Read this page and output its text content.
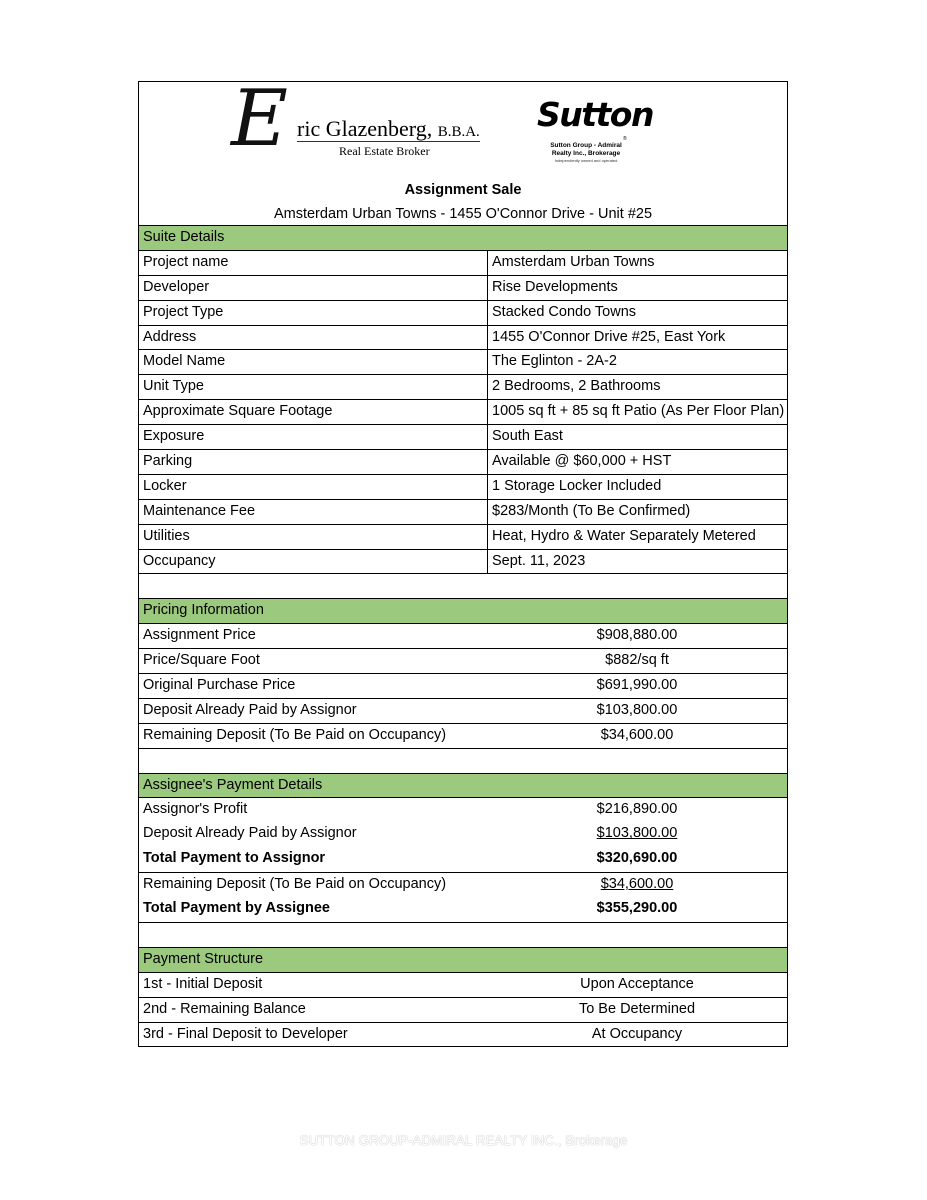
E ric Glazenberg, B.B.A.
Real Estate Broker
Sutton
®
Sutton Group - Admiral
Realty Inc., Brokerage
Independently owned and operated
Assignment Sale
Amsterdam Urban Towns - 1455 O'Connor Drive - Unit #25
Suite Details
Project name	Amsterdam Urban Towns
Developer	Rise Developments
Project Type	Stacked Condo Towns
Address	1455 O'Connor Drive #25, East York
Model Name	The Eglinton - 2A-2
Unit Type	2 Bedrooms, 2 Bathrooms
Approximate Square Footage	1005 sq ft + 85 sq ft Patio (As Per Floor Plan)
Exposure	South East
Parking	Available @ $60,000 + HST
Locker	1 Storage Locker Included
Maintenance Fee	$283/Month (To Be Confirmed)
Utilities	Heat, Hydro & Water Separately Metered
Occupancy	Sept. 11, 2023
Pricing Information
Assignment Price	$908,880.00
Price/Square Foot	$882/sq ft
Original Purchase Price	$691,990.00
Deposit Already Paid by Assignor	$103,800.00
Remaining Deposit (To Be Paid on Occupancy)	$34,600.00
Assignee's Payment Details
Assignor's Profit	$216,890.00
Deposit Already Paid by Assignor	$103,800.00
Total Payment to Assignor	$320,690.00
Remaining Deposit (To Be Paid on Occupancy)	$34,600.00
Total Payment by Assignee	$355,290.00
Payment Structure
1st - Initial Deposit	Upon Acceptance
2nd - Remaining Balance	To Be Determined
3rd - Final Deposit to Developer	At Occupancy
SUTTON GROUP-ADMIRAL REALTY INC., Brokerage
